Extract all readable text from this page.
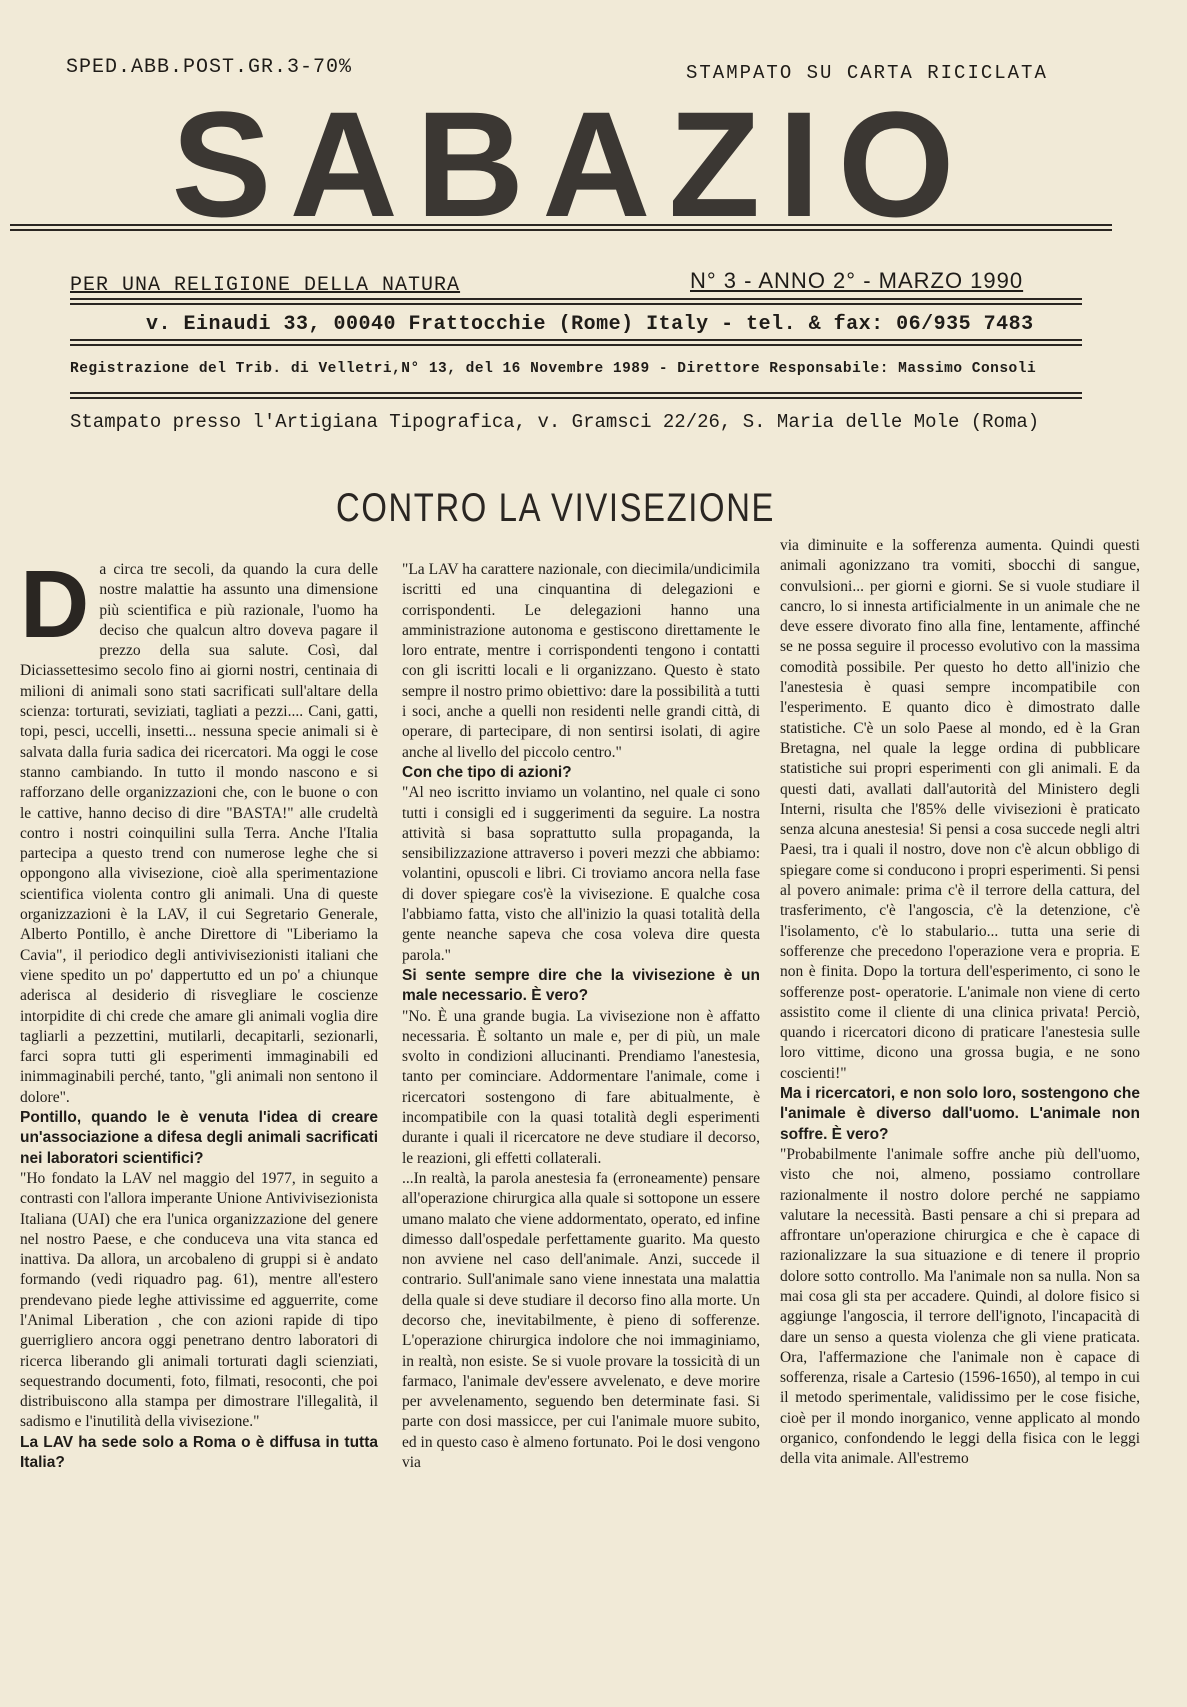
SPED.ABB.POST.GR.3-70%	STAMPATO SU CARTA RICICLATA
SABAZIO
PER UNA RELIGIONE DELLA NATURA	N° 3 - ANNO 2° - MARZO 1990
v. Einaudi 33, 00040 Frattocchie (Rome) Italy - tel. & fax: 06/935 7483
Registrazione del Trib. di Velletri,N° 13, del 16 Novembre 1989 - Direttore Responsabile: Massimo Consoli
Stampato presso l'Artigiana Tipografica, v. Gramsci 22/26, S. Maria delle Mole (Roma)
CONTRO LA VIVISEZIONE
D a circa tre secoli, da quando la cura delle nostre malattie ha assunto una dimensione più scientifica e più razionale, l'uomo ha deciso che qualcun altro doveva pagare il prezzo della sua salute. Così, dal Diciassettesimo secolo fino ai giorni nostri, centinaia di milioni di animali sono stati sacrificati sull'altare della scienza: torturati, seviziati, tagliati a pezzi.... Cani, gatti, topi, pesci, uccelli, insetti... nessuna specie animali si è salvata dalla furia sadica dei ricercatori. Ma oggi le cose stanno cambiando. In tutto il mondo nascono e si rafforzano delle organizzazioni che, con le buone o con le cattive, hanno deciso di dire "BASTA!" alle crudeltà contro i nostri coinquilini sulla Terra. Anche l'Italia partecipa a questo trend con numerose leghe che si oppongono alla vivisezione, cioè alla sperimentazione scientifica violenta contro gli animali. Una di queste organizzazioni è la LAV, il cui Segretario Generale, Alberto Pontillo, è anche Direttore di "Liberiamo la Cavia", il periodico degli antivivisezionisti italiani che viene spedito un po' dappertutto ed un po' a chiunque aderisca al desiderio di risvegliare le coscienze intorpidite di chi crede che amare gli animali voglia dire tagliarli a pezzettini, mutilarli, decapitarli, sezionarli, farci sopra tutti gli esperimenti immaginabili ed inimmaginabili perché, tanto, "gli animali non sentono il dolore".

Pontillo, quando le è venuta l'idea di creare un'associazione a difesa degli animali sacrificati nei laboratori scientifici?

"Ho fondato la LAV nel maggio del 1977, in seguito a contrasti con l'allora imperante Unione Antivivisezionista Italiana (UAI) che era l'unica organizzazione del genere nel nostro Paese, e che conduceva una vita stanca ed inattiva. Da allora, un arcobaleno di gruppi si è andato formando (vedi riquadro pag. 61), mentre all'estero prendevano piede leghe attivissime ed agguerrite, come l'Animal Liberation , che con azioni rapide di tipo guerrigliero ancora oggi penetrano dentro laboratori di ricerca liberando gli animali torturati dagli scienziati, sequestrando documenti, foto, filmati, resoconti, che poi distribuiscono alla stampa per dimostrare l'illegalità, il sadismo e l'inutilità della vivisezione."

La LAV ha sede solo a Roma o è diffusa in tutta Italia?

"La LAV ha carattere nazionale, con diecimila/undicimila iscritti ed una cinquantina di delegazioni e corrispondenti. Le delegazioni hanno una amministrazione autonoma e gestiscono direttamente le loro entrate, mentre i corrispondenti tengono i contatti con gli iscritti locali e li organizzano. Questo è stato sempre il nostro primo obiettivo: dare la possibilità a tutti i soci, anche a quelli non residenti nelle grandi città, di operare, di partecipare, di non sentirsi isolati, di agire anche al livello del piccolo centro."

Con che tipo di azioni?

"Al neo iscritto inviamo un volantino, nel quale ci sono tutti i consigli ed i suggerimenti da seguire. La nostra attività si basa soprattutto sulla propaganda, la sensibilizzazione attraverso i poveri mezzi che abbiamo: volantini, opuscoli e libri. Ci troviamo ancora nella fase di dover spiegare cos'è la vivisezione. E qualche cosa l'abbiamo fatta, visto che all'inizio la quasi totalità della gente neanche sapeva che cosa voleva dire questa parola."

Si sente sempre dire che la vivisezione è un male necessario. È vero?

"No. È una grande bugia. La vivisezione non è affatto necessaria. È soltanto un male e, per di più, un male svolto in condizioni allucinanti. Prendiamo l'anestesia, tanto per cominciare. Addormentare l'animale, come i ricercatori sostengono di fare abitualmente, è incompatibile con la quasi totalità degli esperimenti durante i quali il ricercatore ne deve studiare il decorso, le reazioni, gli effetti collaterali.

...In realtà, la parola anestesia fa (erroneamente) pensare all'operazione chirurgica alla quale si sottopone un essere umano malato che viene addormentato, operato, ed infine dimesso dall'ospedale perfettamente guarito. Ma questo non avviene nel caso dell'animale. Anzi, succede il contrario. Sull'animale sano viene innestata una malattia della quale si deve studiare il decorso fino alla morte. Un decorso che, inevitabilmente, è pieno di sofferenze. L'operazione chirurgica indolore che noi immaginiamo, in realtà, non esiste. Se si vuole provare la tossicità di un farmaco, l'animale dev'essere avvelenato, e deve morire per avvelenamento, seguendo ben determinate fasi. Si parte con dosi massicce, per cui l'animale muore subito, ed in questo caso è almeno fortunato. Poi le dosi vengono via

via diminuite e la sofferenza aumenta. Quindi questi animali agonizzano tra vomiti, sbocchi di sangue, convulsioni... per giorni e giorni. Se si vuole studiare il cancro, lo si innesta artificialmente in un animale che ne deve essere divorato fino alla fine, lentamente, affinché se ne possa seguire il processo evolutivo con la massima comodità possibile. Per questo ho detto all'inizio che l'anestesia è quasi sempre incompatibile con l'esperimento. E quanto dico è dimostrato dalle statistiche. C'è un solo Paese al mondo, ed è la Gran Bretagna, nel quale la legge ordina di pubblicare statistiche sui propri esperimenti con gli animali. E da questi dati, avallati dall'autorità del Ministero degli Interni, risulta che l'85% delle vivisezioni è praticato senza alcuna anestesia! Si pensi a cosa succede negli altri Paesi, tra i quali il nostro, dove non c'è alcun obbligo di spiegare come si conducono i propri esperimenti. Si pensi al povero animale: prima c'è il terrore della cattura, del trasferimento, c'è l'angoscia, c'è la detenzione, c'è l'isolamento, c'è lo stabulario... tutta una serie di sofferenze che precedono l'operazione vera e propria. E non è finita. Dopo la tortura dell'esperimento, ci sono le sofferenze post- operatorie. L'animale non viene di certo assistito come il cliente di una clinica privata! Perciò, quando i ricercatori dicono di praticare l'anestesia sulle loro vittime, dicono una grossa bugia, e ne sono coscienti!"

Ma i ricercatori, e non solo loro, sostengono che l'animale è diverso dall'uomo. L'animale non soffre. È vero?

"Probabilmente l'animale soffre anche più dell'uomo, visto che noi, almeno, possiamo controllare razionalmente il nostro dolore perché ne sappiamo valutare la necessità. Basti pensare a chi si prepara ad affrontare un'operazione chirurgica e che è capace di razionalizzare la sua situazione e di tenere il proprio dolore sotto controllo. Ma l'animale non sa nulla. Non sa mai cosa gli sta per accadere. Quindi, al dolore fisico si aggiunge l'angoscia, il terrore dell'ignoto, l'incapacità di dare un senso a questa violenza che gli viene praticata. Ora, l'affermazione che l'animale non è capace di sofferenza, risale a Cartesio (1596-1650), al tempo in cui il metodo sperimentale, validissimo per le cose fisiche, cioè per il mondo inorganico, venne applicato al mondo organico, confondendo le leggi della fisica con le leggi della vita animale. All'estremo
